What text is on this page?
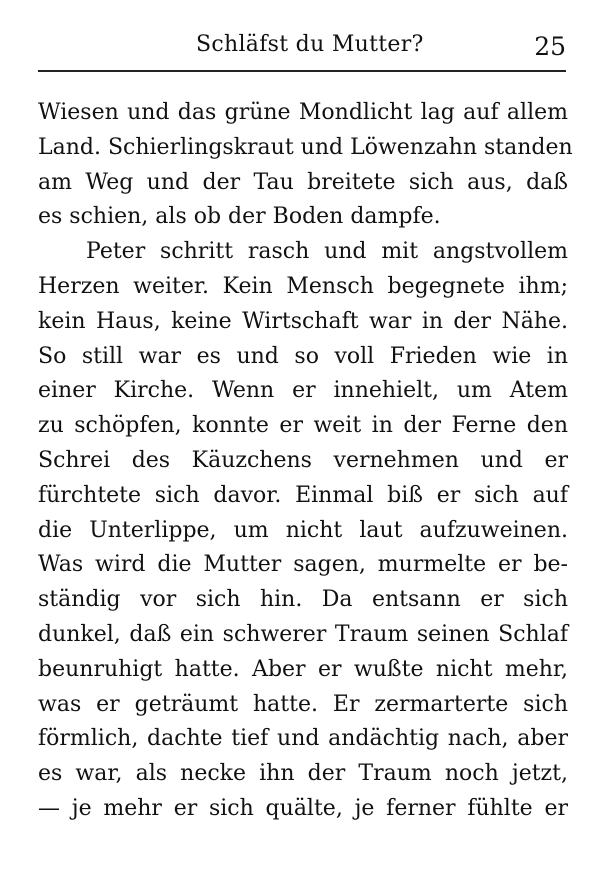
Schläfst du Mutter?	25
Wiesen und das grüne Mondlicht lag auf allem
Land. Schierlingskraut und Löwenzahn standen
am Weg und der Tau breitete sich aus, daß
es schien, als ob der Boden dampfe.
Peter schritt rasch und mit angstvollem
Herzen weiter. Kein Mensch begegnete ihm;
kein Haus, keine Wirtschaft war in der Nähe.
So still war es und so voll Frieden wie in
einer Kirche. Wenn er innehielt, um Atem
zu schöpfen, konnte er weit in der Ferne den
Schrei des Käuzchens vernehmen und er
fürchtete sich davor. Einmal biß er sich auf
die Unterlippe, um nicht laut aufzuweinen.
Was wird die Mutter sagen, murmelte er be-
ständig vor sich hin. Da entsann er sich
dunkel, daß ein schwerer Traum seinen Schlaf
beunruhigt hatte. Aber er wußte nicht mehr,
was er geträumt hatte. Er zermarterte sich
förmlich, dachte tief und andächtig nach, aber
es war, als necke ihn der Traum noch jetzt,
— je mehr er sich quälte, je ferner fühlte er
